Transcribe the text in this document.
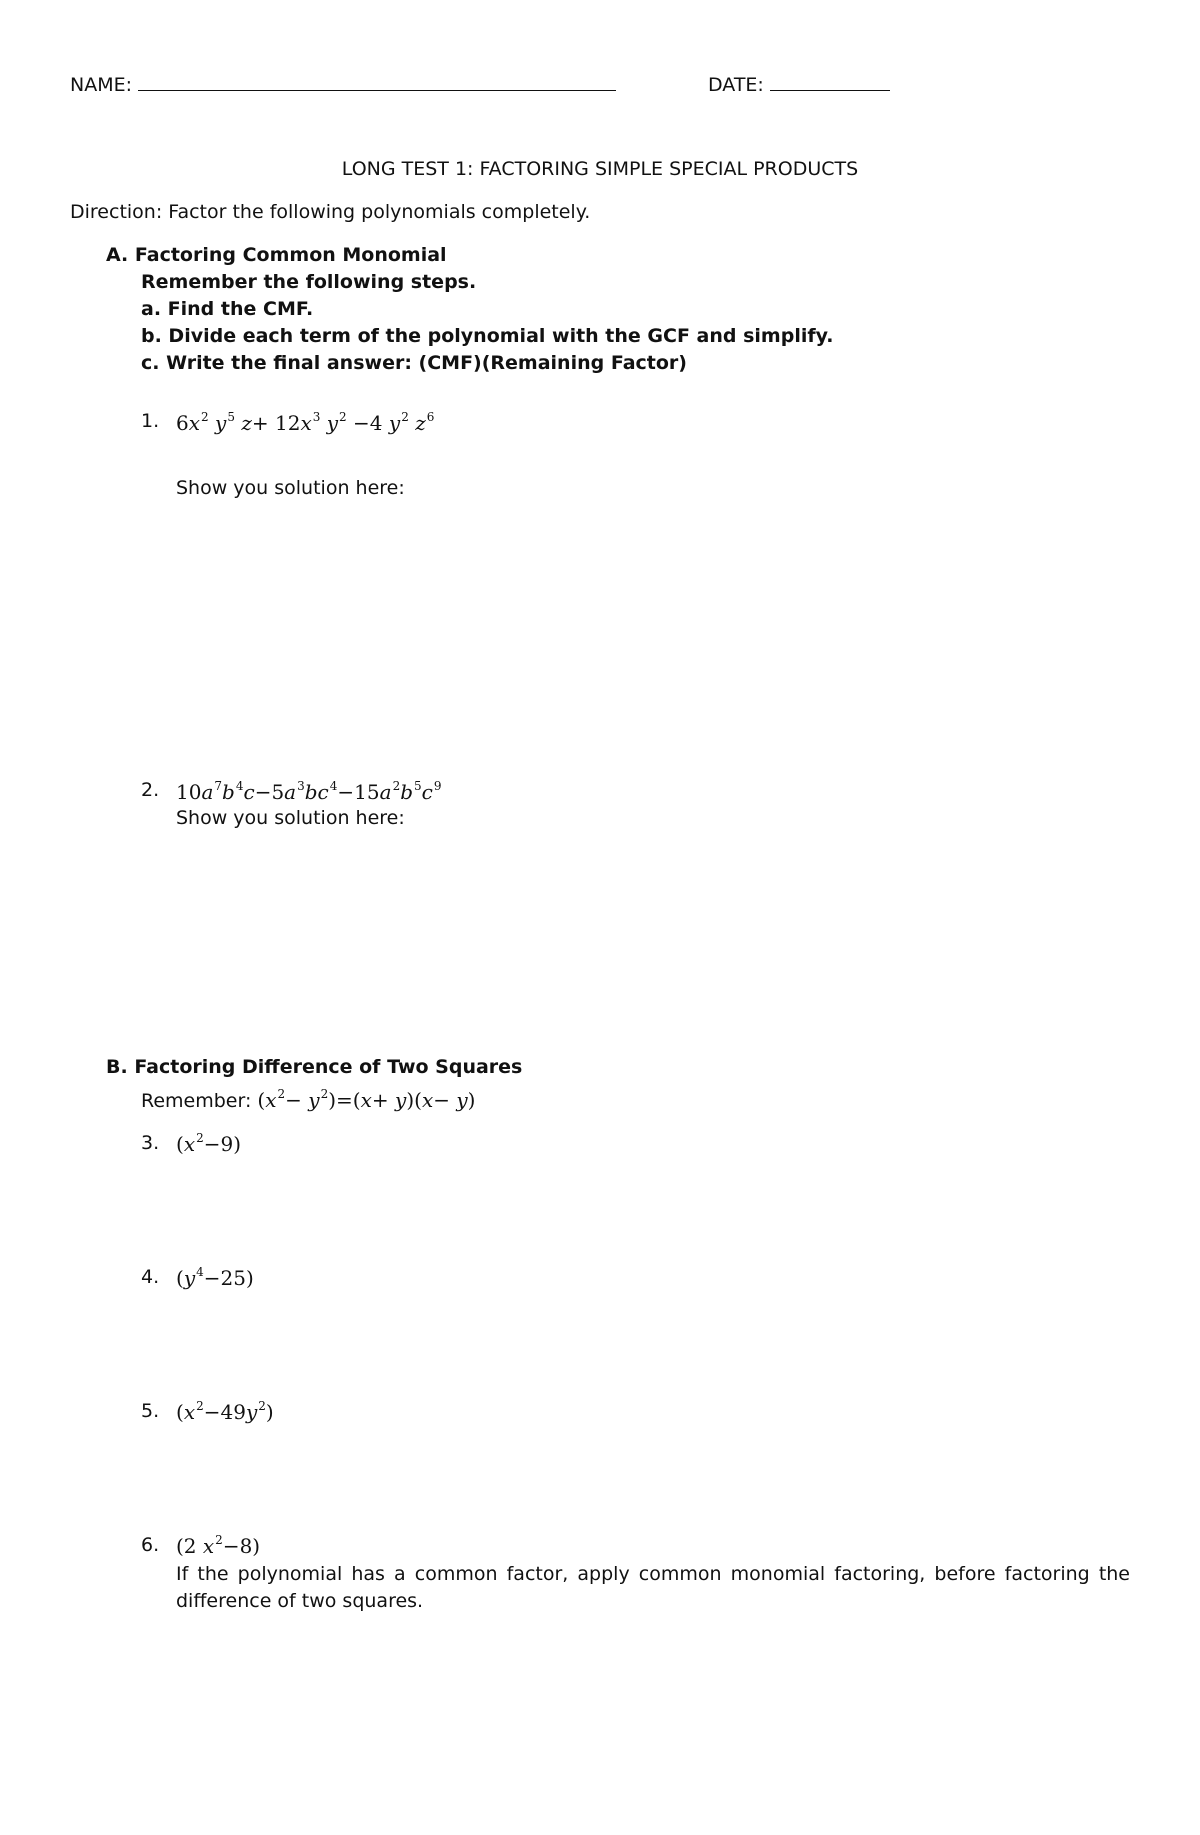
NAME:	DATE:
LONG TEST 1: FACTORING SIMPLE SPECIAL PRODUCTS
Direction: Factor the following polynomials completely.
A. Factoring Common Monomial
Remember the following steps.
a. Find the CMF.
b. Divide each term of the polynomial with the GCF and simplify.
c. Write the final answer: (CMF)(Remaining Factor)
1. $6x^2$ $y^5$ $z+ 12x^3$ $y^2 -4$ $y^2$ $z^6$
Show you solution here:
2. $10a^7b^4c-5a^3bc^4-15a^2b^5c^9$
Show you solution here:
B. Factoring Difference of Two Squares
Remember: $(x^2- y^2)=(x+ y)(x- y)$
3. $(x^2-9)$
4. $(y^4-25)$
5. $(x^2-49y^2)$
6. (2 $x^2-8$)
If the polynomial has a common factor, apply common monomial factoring, before factoring the difference of two squares.
